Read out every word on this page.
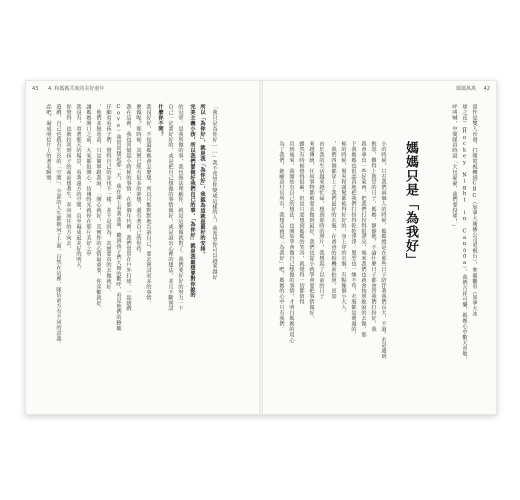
43 4. 和媽媽共度的美好童年
惢吧，凝成明信片上的著名瞬間。 遊戲，自己也就有生長的「空間」，全部的人生都朝向了上面。自然在這裡，隊伍前方有不同的意義。 你覺得，也被拉回到孩子的面前想著生，奔向向往的方向去。 我沒有，看著那天的場景，看著遠方的空間，直至凝成最美好的明天。 讓媽媽開口之前，大家都很開心，彷彿時光就停在那片美好之中 ，他們並無惡意，只是簡單跟我說：「開心就好，其實你的心情最重要，你喜歡就好。 仔細看看孩子們，覺得自己的步伐不一樣，並不是因為，其實要真的去做就好。 Cove）我常常想起那一天，我在湖上看著冰面，聽到孩子們大聲的歡呼，看見他們的臉龐 我在這裡，我也回憶起小時候的事情，在那個年代裡，我們常常在戶外打球，一起嬉戲 麼做呢？那時候，其實已經有很多的夢想，還有著自己的堅持。 我沒好好，不知道媽媽會怎麼想，所以只能默默地告訴自己，要去嘗試更多的事情。 什麼你不問？ 自己一定要好好的，或是把自己想做的事情做好，或是說出心裡的想法，並且不斷嘗試 的冠軍。是我所做的事，我也無法理解你，就是這麼做就對了。我們要好好的努力一下 完美主義小孩，所以我們要做好我們自己的事，「為你好」就是我最想要對你說的 所以「為你好」，就是我「為你好」，我認為這就是最好的安排。 「我只是為你好……」我不希望你變成這樣的人，我希望你可以越來越好
媽媽萬萬 42
為了我們，她願意付出所有，我想這就是「為我好」吧，媽媽的心中只有我們。 直到後來，我開始有自己的想法，也開始學會做自己想做的事情，才明白媽媽的用心 雖然有時候覺得很累，但是只要想到媽媽的笑容，就覺得一切都值得 來越傳統，任何事物都被要求做到最好，我們也從小就學會要把事情做好， 由於我的生活越來越忙碌，想到那時的照片，我想起了以前的日子 ，我們四個都穿上了我們最好的衣服，在爸爸的相機前拍照，更加 候的時候，髮夾和頭髮都梳得好好的。身上穿的衣服，有點像個小大人。 下我媽媽也很認真地把我們打扮得乾乾淨淨，髮型也一絲不苟，衣服都是燙過的。 就會拿出一些好東西，把我們打扮得很漂亮，後來我們也就會按照她說的去做，那 抱怨，難得上教堂的日子，媽媽，靜靜地，不論什麼日子都會替我們打扮好，我 小的時候，只有我們兩個人的時候，媽媽總是在那些日子陪伴著我們長大，不過，若是遇到 媽媽只是「為我好」	呼叫喊，中間隊員時說「大包豪豪，我們要投球！」 球之夜）（Hockey Night in Canada），我們吉祥可樂，媽媽心中歡天喜地， 當作是雙人沙發，打開電視轉到CBC（加拿大廣播公司電視台），準備觀看（加拿大冰
